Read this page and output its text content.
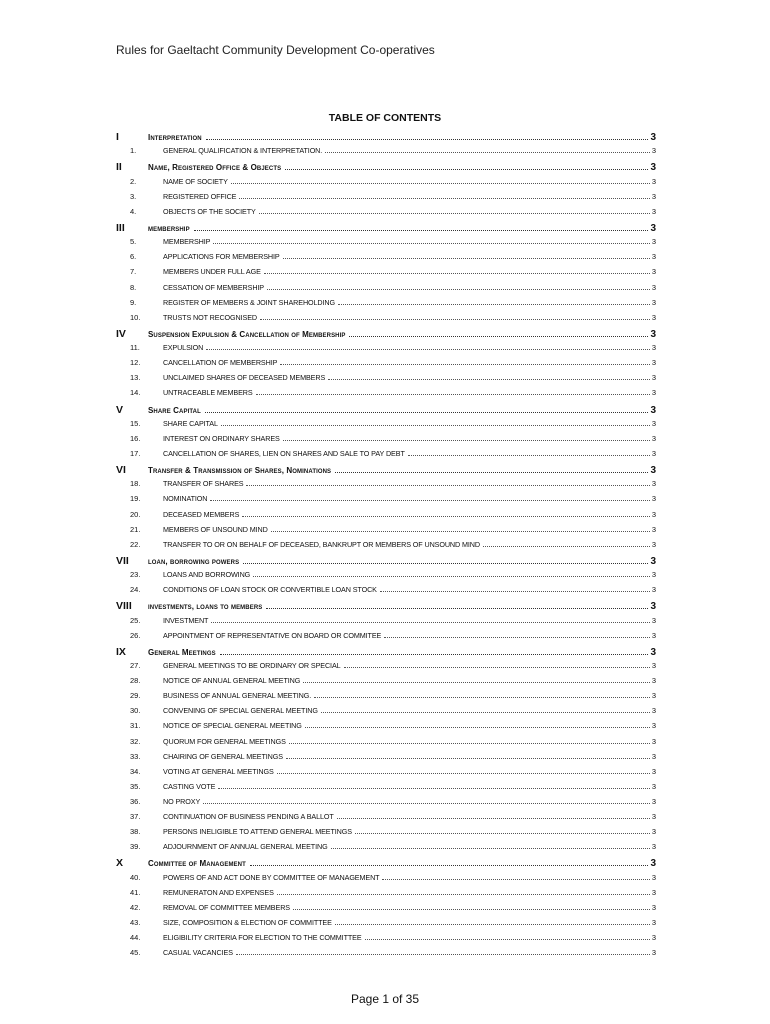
Rules for Gaeltacht Community Development Co-operatives
TABLE OF CONTENTS
I	Interpretation	3
1.	GENERAL QUALIFICATION & INTERPRETATION.	3
II	Name, Registered Office & Objects	3
2.	NAME OF SOCIETY	3
3.	REGISTERED OFFICE	3
4.	OBJECTS OF THE SOCIETY	3
III	membership	3
5.	MEMBERSHIP	3
6.	APPLICATIONS FOR MEMBERSHIP	3
7.	MEMBERS UNDER FULL AGE	3
8.	CESSATION OF MEMBERSHIP	3
9.	REGISTER OF MEMBERS & JOINT SHAREHOLDING	3
10.	TRUSTS NOT RECOGNISED	3
IV	Suspension Expulsion & Cancellation of Membership	3
11.	EXPULSION	3
12.	CANCELLATION OF MEMBERSHIP	3
13.	UNCLAIMED SHARES OF DECEASED MEMBERS	3
14.	UNTRACEABLE MEMBERS	3
V	Share Capital	3
15.	SHARE CAPITAL	3
16.	INTEREST ON ORDINARY SHARES	3
17.	CANCELLATION OF SHARES, LIEN ON SHARES AND SALE TO PAY DEBT	3
VI	Transfer & Transmission of Shares, Nominations	3
18.	TRANSFER OF SHARES	3
19.	NOMINATION	3
20.	DECEASED MEMBERS	3
21.	MEMBERS OF UNSOUND MIND	3
22.	TRANSFER TO OR ON BEHALF OF DECEASED, BANKRUPT OR MEMBERS OF UNSOUND MIND	3
VII	loan, borrowing powers	3
23.	LOANS AND BORROWING	3
24.	CONDITIONS OF LOAN STOCK OR CONVERTIBLE LOAN STOCK	3
VIII	investments, loans to members	3
25.	INVESTMENT	3
26.	APPOINTMENT OF REPRESENTATIVE ON BOARD OR COMMITEE	3
IX	General Meetings	3
27.	GENERAL MEETINGS TO BE ORDINARY OR SPECIAL	3
28.	NOTICE OF ANNUAL GENERAL MEETING	3
29.	BUSINESS OF ANNUAL GENERAL MEETING.	3
30.	CONVENING OF SPECIAL GENERAL MEETING	3
31.	NOTICE OF SPECIAL GENERAL MEETING	3
32.	QUORUM FOR GENERAL MEETINGS	3
33.	CHAIRING OF GENERAL MEETINGS	3
34.	VOTING AT GENERAL MEETINGS	3
35.	CASTING VOTE	3
36.	NO PROXY	3
37.	CONTINUATION OF BUSINESS PENDING A BALLOT	3
38.	PERSONS INELIGIBLE TO ATTEND GENERAL MEETINGS	3
39.	ADJOURNMENT OF ANNUAL GENERAL MEETING	3
X	Committee of Management	3
40.	POWERS OF AND ACT DONE BY COMMITTEE OF MANAGEMENT	3
41.	REMUNERATON AND EXPENSES	3
42.	REMOVAL OF COMMITTEE MEMBERS	3
43.	SIZE, COMPOSITION & ELECTION OF COMMITTEE	3
44.	ELIGIBILITY CRITERIA FOR ELECTION TO THE COMMITTEE	3
45.	CASUAL VACANCIES	3
Page 1 of 35
